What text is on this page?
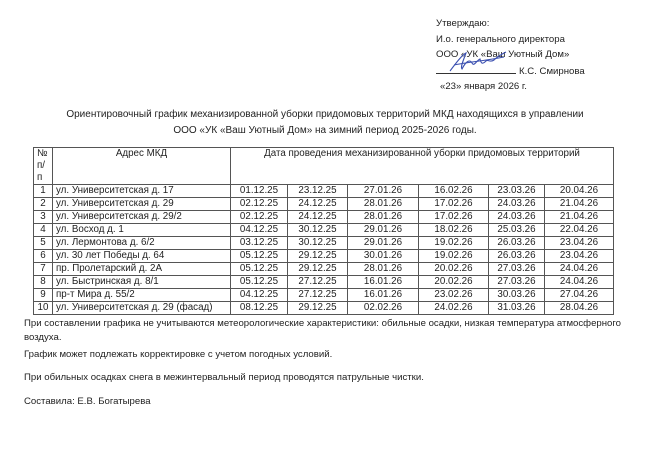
Утверждаю:
И.о. генерального директора
ООО «УК «Ваш Уютный Дом»
К.С. Смирнова
«23» января 2026 г.
Ориентировочный график механизированной уборки придомовых территорий МКД находящихся в управлении
ООО «УК «Ваш Уютный Дом» на зимний период 2025-2026 годы.
№ п/п	Адрес МКД	Дата проведения механизированной уборки придомовых территорий					
1	ул. Университетская д. 17	01.12.25	23.12.25	27.01.26	16.02.26	23.03.26	20.04.26
2	ул. Университетская д. 29	02.12.25	24.12.25	28.01.26	17.02.26	24.03.26	21.04.26
3	ул. Университетская д. 29/2	02.12.25	24.12.25	28.01.26	17.02.26	24.03.26	21.04.26
4	ул. Восход д. 1	04.12.25	30.12.25	29.01.26	18.02.26	25.03.26	22.04.26
5	ул. Лермонтова д. 6/2	03.12.25	30.12.25	29.01.26	19.02.26	26.03.26	23.04.26
6	ул. 30 лет Победы д. 64	05.12.25	29.12.25	30.01.26	19.02.26	26.03.26	23.04.26
7	пр. Пролетарский д. 2А	05.12.25	29.12.25	28.01.26	20.02.26	27.03.26	24.04.26
8	ул. Быстринская д. 8/1	05.12.25	27.12.25	16.01.26	20.02.26	27.03.26	24.04.26
9	пр-т Мира д. 55/2	04.12.25	27.12.25	16.01.26	23.02.26	30.03.26	27.04.26
10	ул. Университетская д. 29 (фасад)	08.12.25	29.12.25	02.02.26	24.02.26	31.03.26	28.04.26
При составлении графика не учитываются метеорологические характеристики: обильные осадки, низкая температура атмосферного воздуха.
График может подлежать корректировке с учетом погодных условий.
При обильных осадках снега в межинтервальный период проводятся патрульные чистки.
Составила: Е.В. Богатырева
